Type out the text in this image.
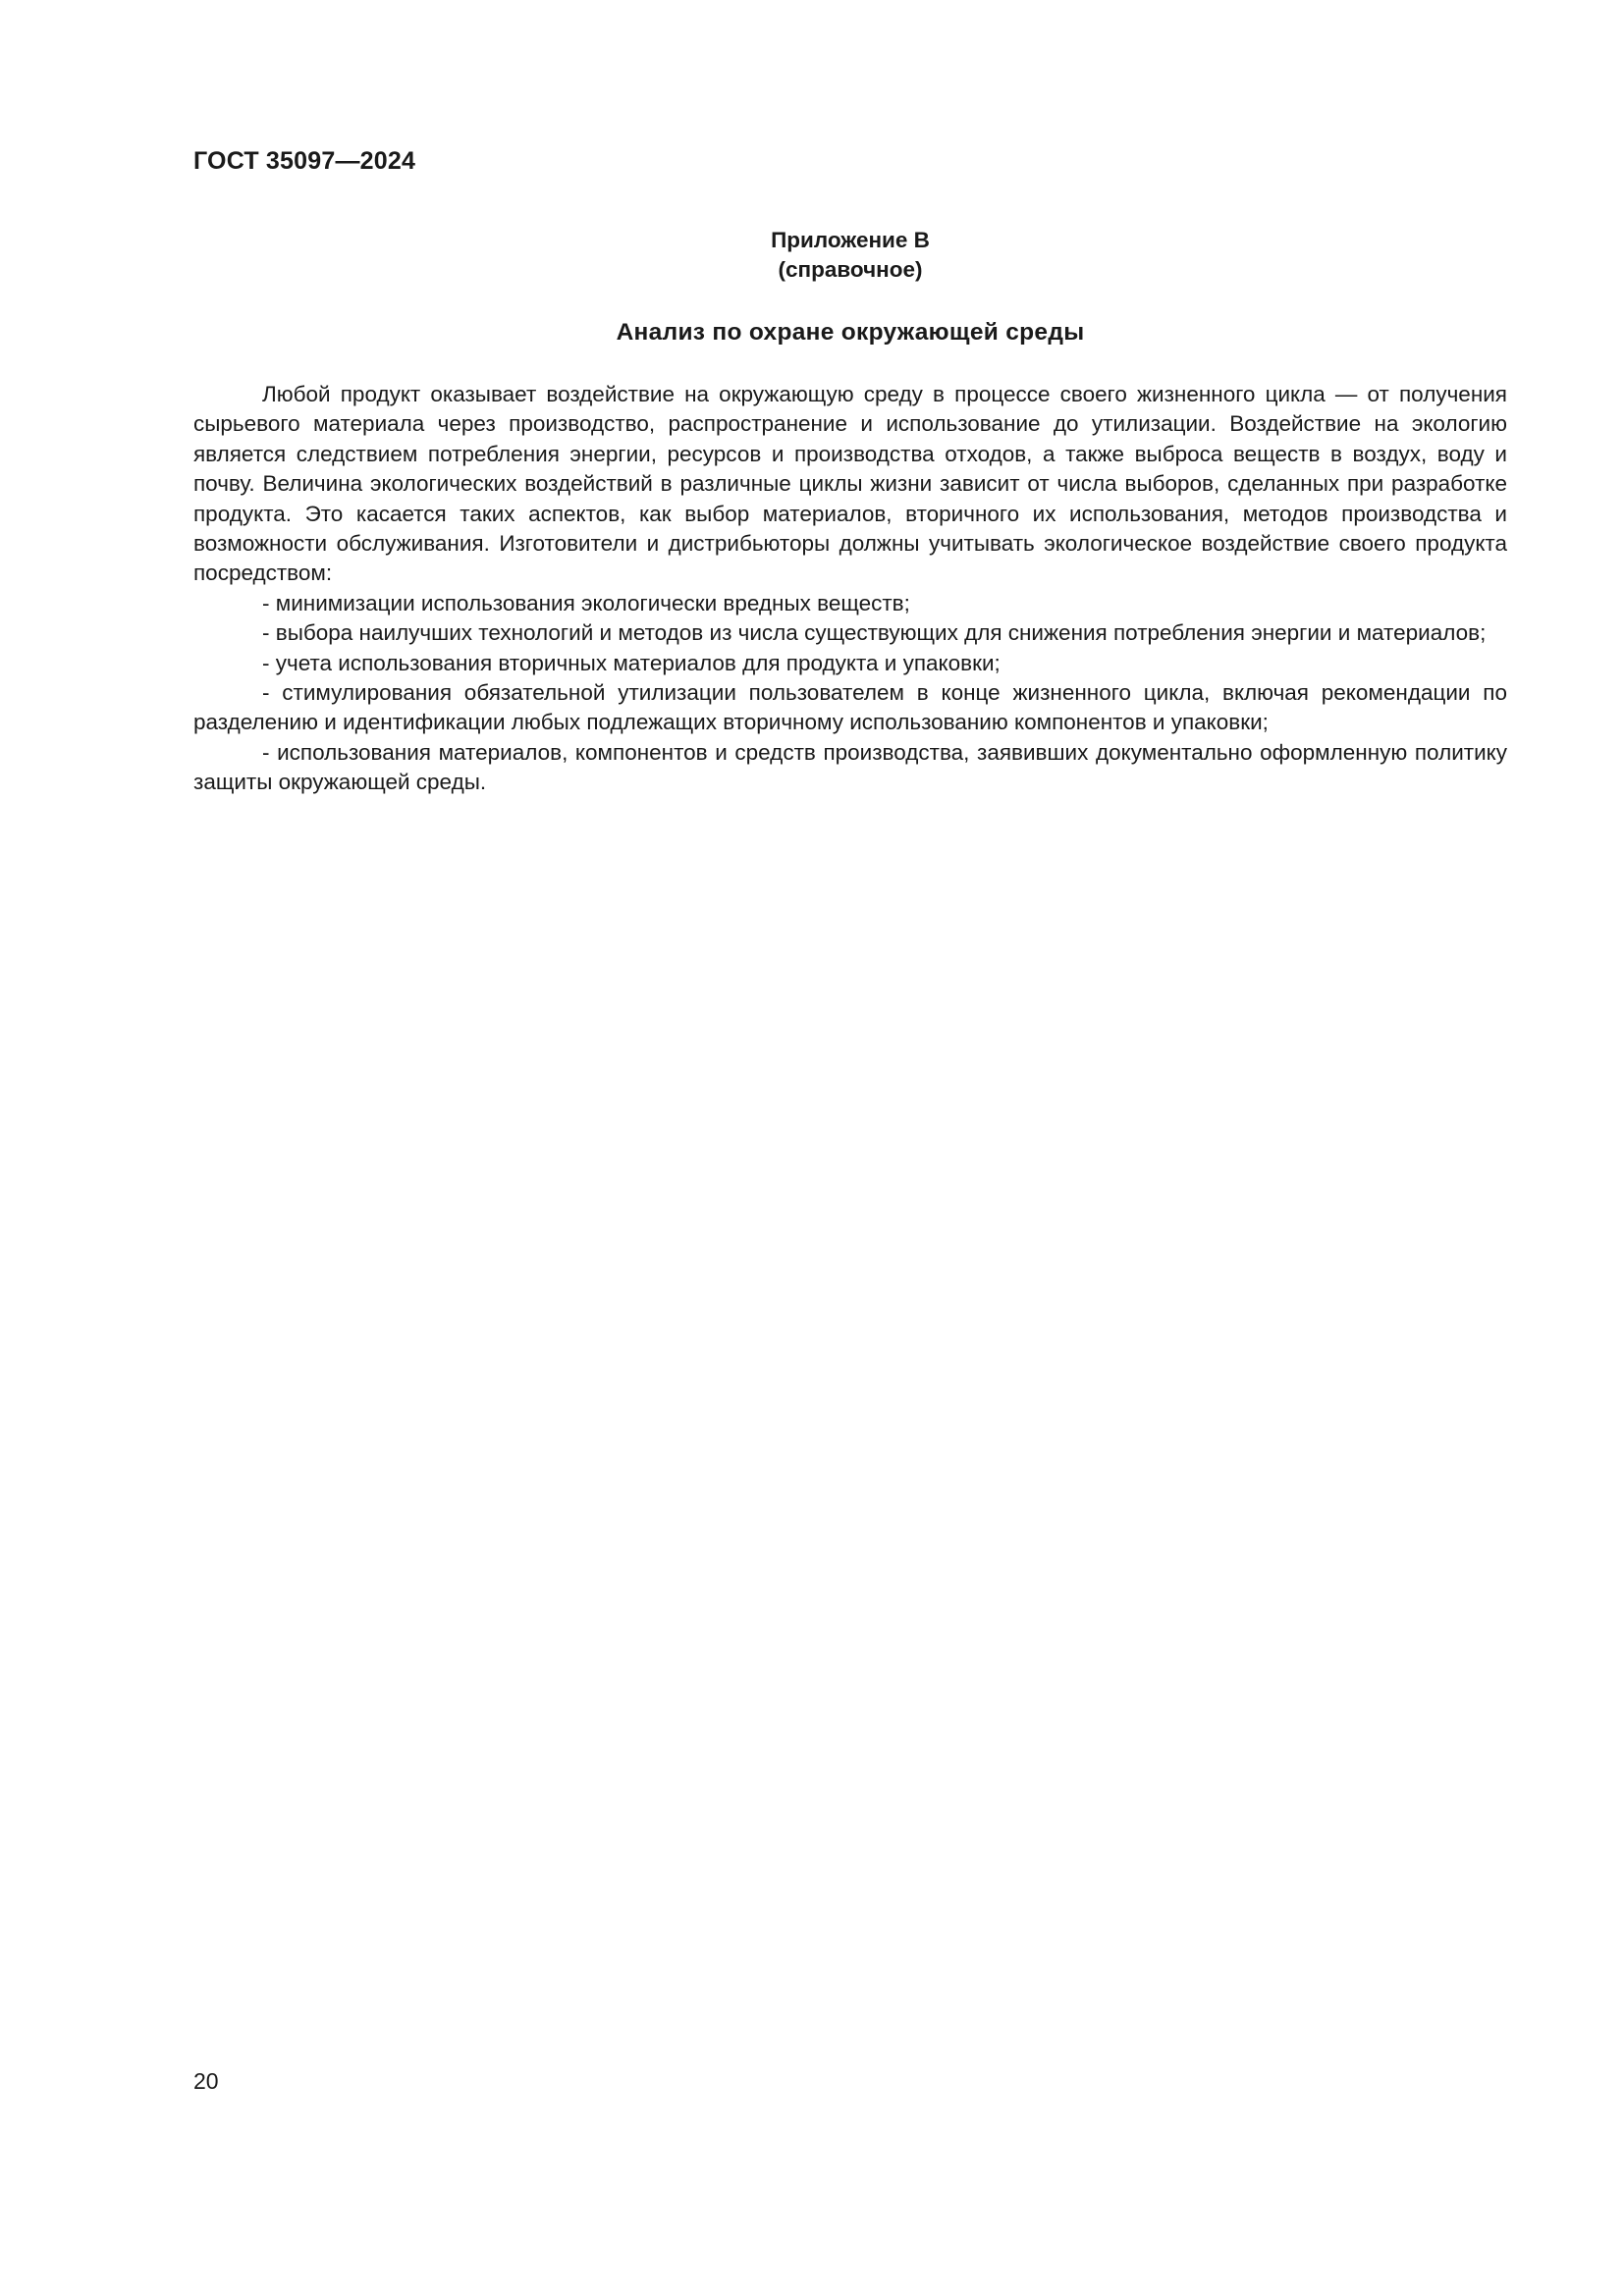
ГОСТ 35097—2024
Приложение В
(справочное)
Анализ по охране окружающей среды

Любой продукт оказывает воздействие на окружающую среду в процессе своего жизненного цикла — от получения сырьевого материала через производство, распространение и использование до утилизации. Воздействие на экологию является следствием потребления энергии, ресурсов и производства отходов, а также выброса веществ в воздух, воду и почву. Величина экологических воздействий в различные циклы жизни зависит от числа выборов, сделанных при разработке продукта. Это касается таких аспектов, как выбор материалов, вторичного их использования, методов производства и возможности обслуживания. Изготовители и дистрибьюторы должны учитывать экологическое воздействие своего продукта посредством:

- минимизации использования экологически вредных веществ;

- выбора наилучших технологий и методов из числа существующих для снижения потребления энергии и материалов;

- учета использования вторичных материалов для продукта и упаковки;

- стимулирования обязательной утилизации пользователем в конце жизненного цикла, включая рекомендации по разделению и идентификации любых подлежащих вторичному использованию компонентов и упаковки;

- использования материалов, компонентов и средств производства, заявивших документально оформленную политику защиты окружающей среды.

20
